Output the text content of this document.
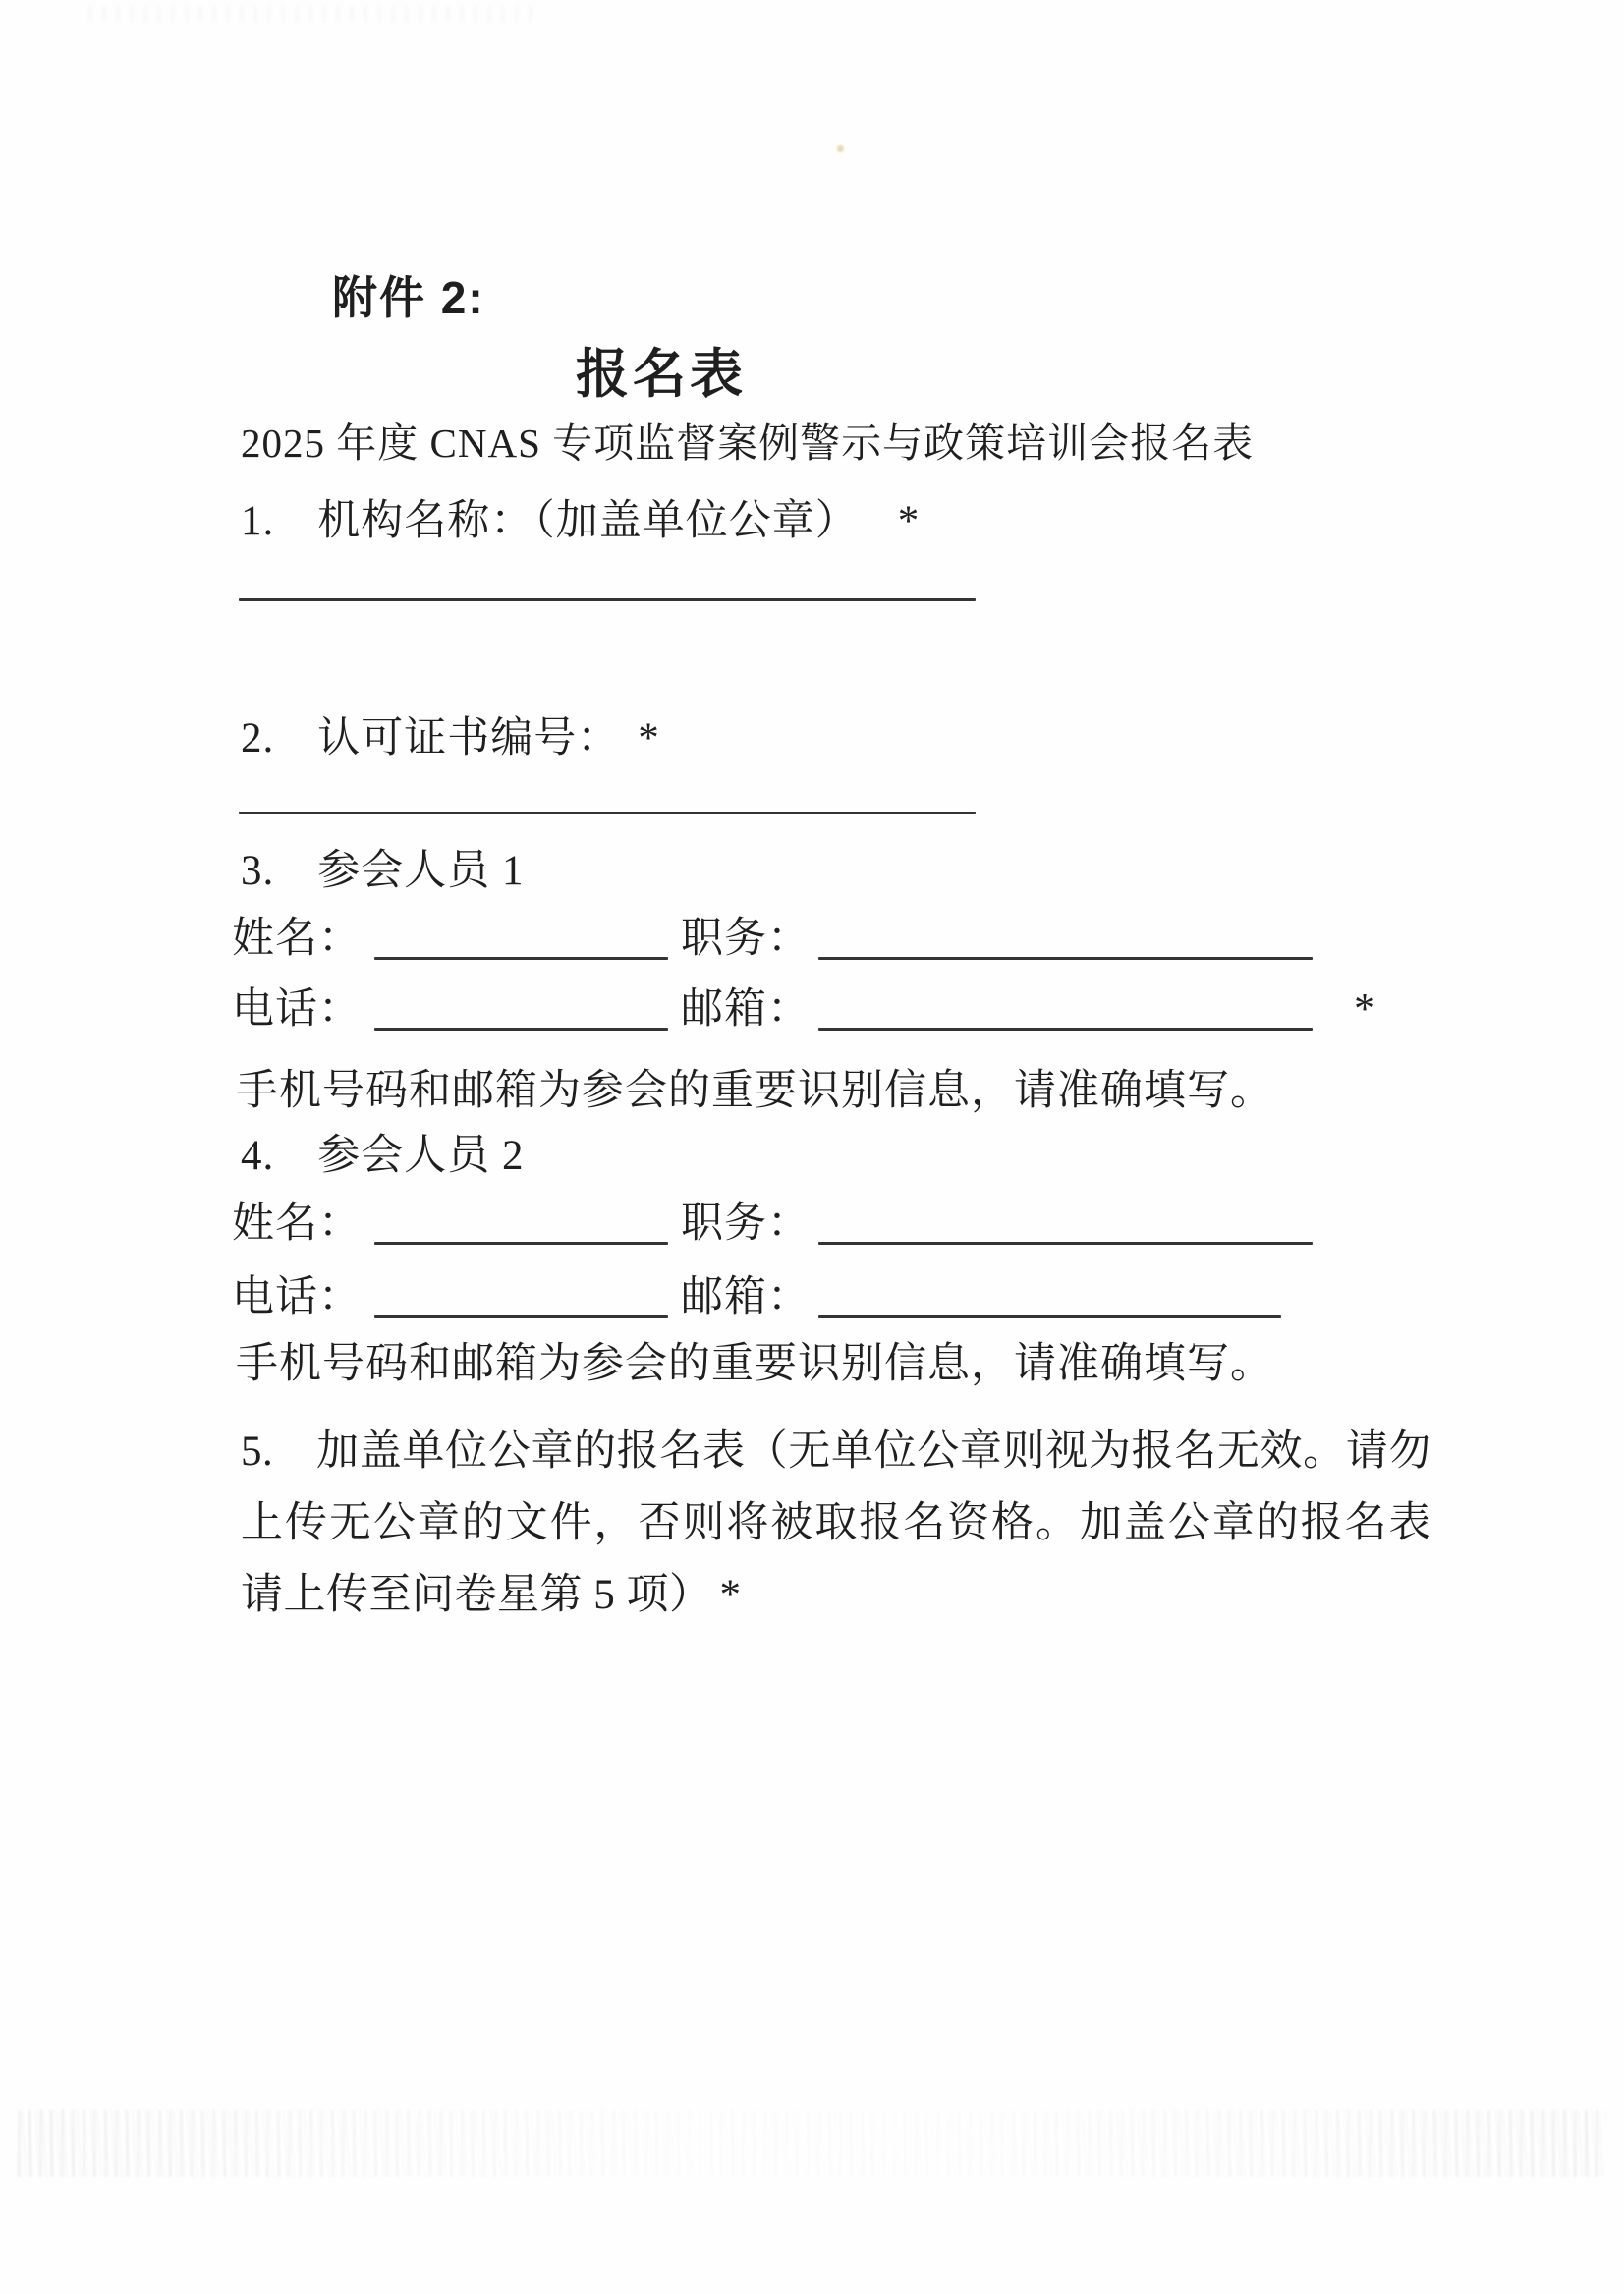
附件 2:
报名表
2025 年度 CNAS 专项监督案例警示与政策培训会报名表
1.　机构名称：（加盖单位公章） *
2.　认可证书编号： *
3.　参会人员 1
姓名：	职务：
电话：	邮箱：	*
手机号码和邮箱为参会的重要识别信息，请准确填写。
4.　参会人员 2
姓名：	职务：
电话：	邮箱：
手机号码和邮箱为参会的重要识别信息，请准确填写。
5.　加盖单位公章的报名表（无单位公章则视为报名无效。请勿上传无公章的文件，否则将被取报名资格。加盖公章的报名表请上传至问卷星第 5 项） *
